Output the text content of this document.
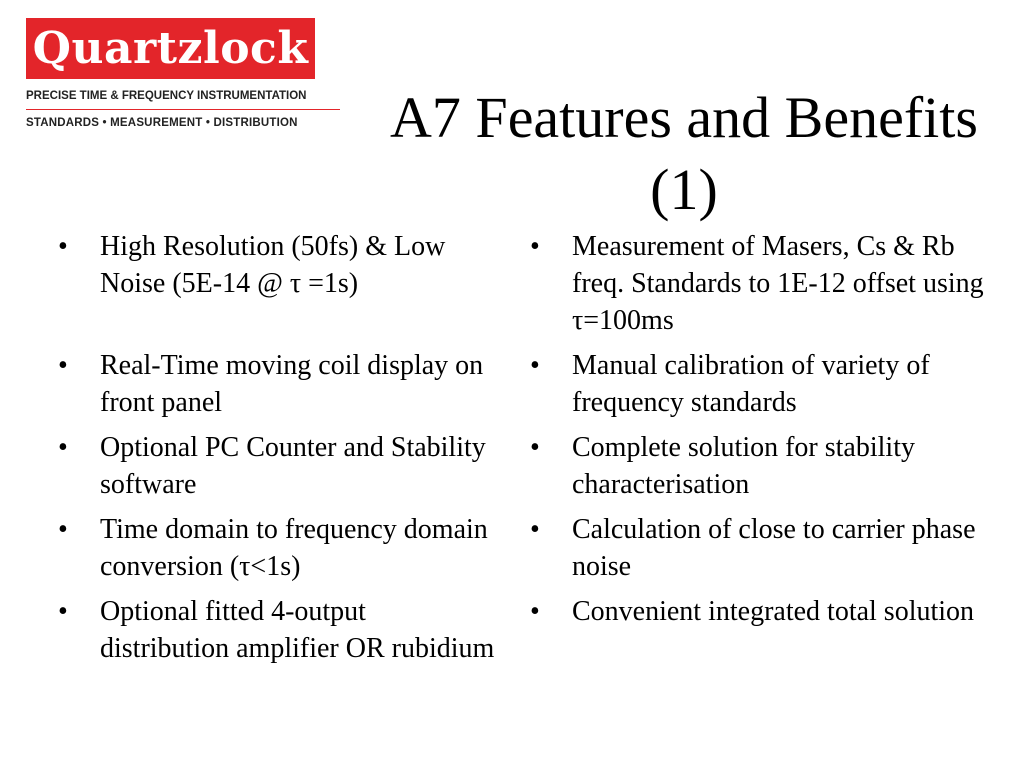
Quartzlock
PRECISE TIME & FREQUENCY INSTRUMENTATION
STANDARDS • MEASUREMENT • DISTRIBUTION	A7 Features and Benefits
(1)
• High Resolution (50fs) & Low Noise (5E-14 @ τ =1s)
• Real-Time moving coil display on front panel
• Optional PC Counter and Stability software
• Time domain to frequency domain conversion (τ<1s)
• Optional fitted 4-output distribution amplifier OR rubidium
• Measurement of Masers, Cs & Rb freq. Standards to 1E-12 offset using τ=100ms
• Manual calibration of variety of frequency standards
• Complete solution for stability characterisation
• Calculation of close to carrier phase noise
• Convenient integrated total solution
